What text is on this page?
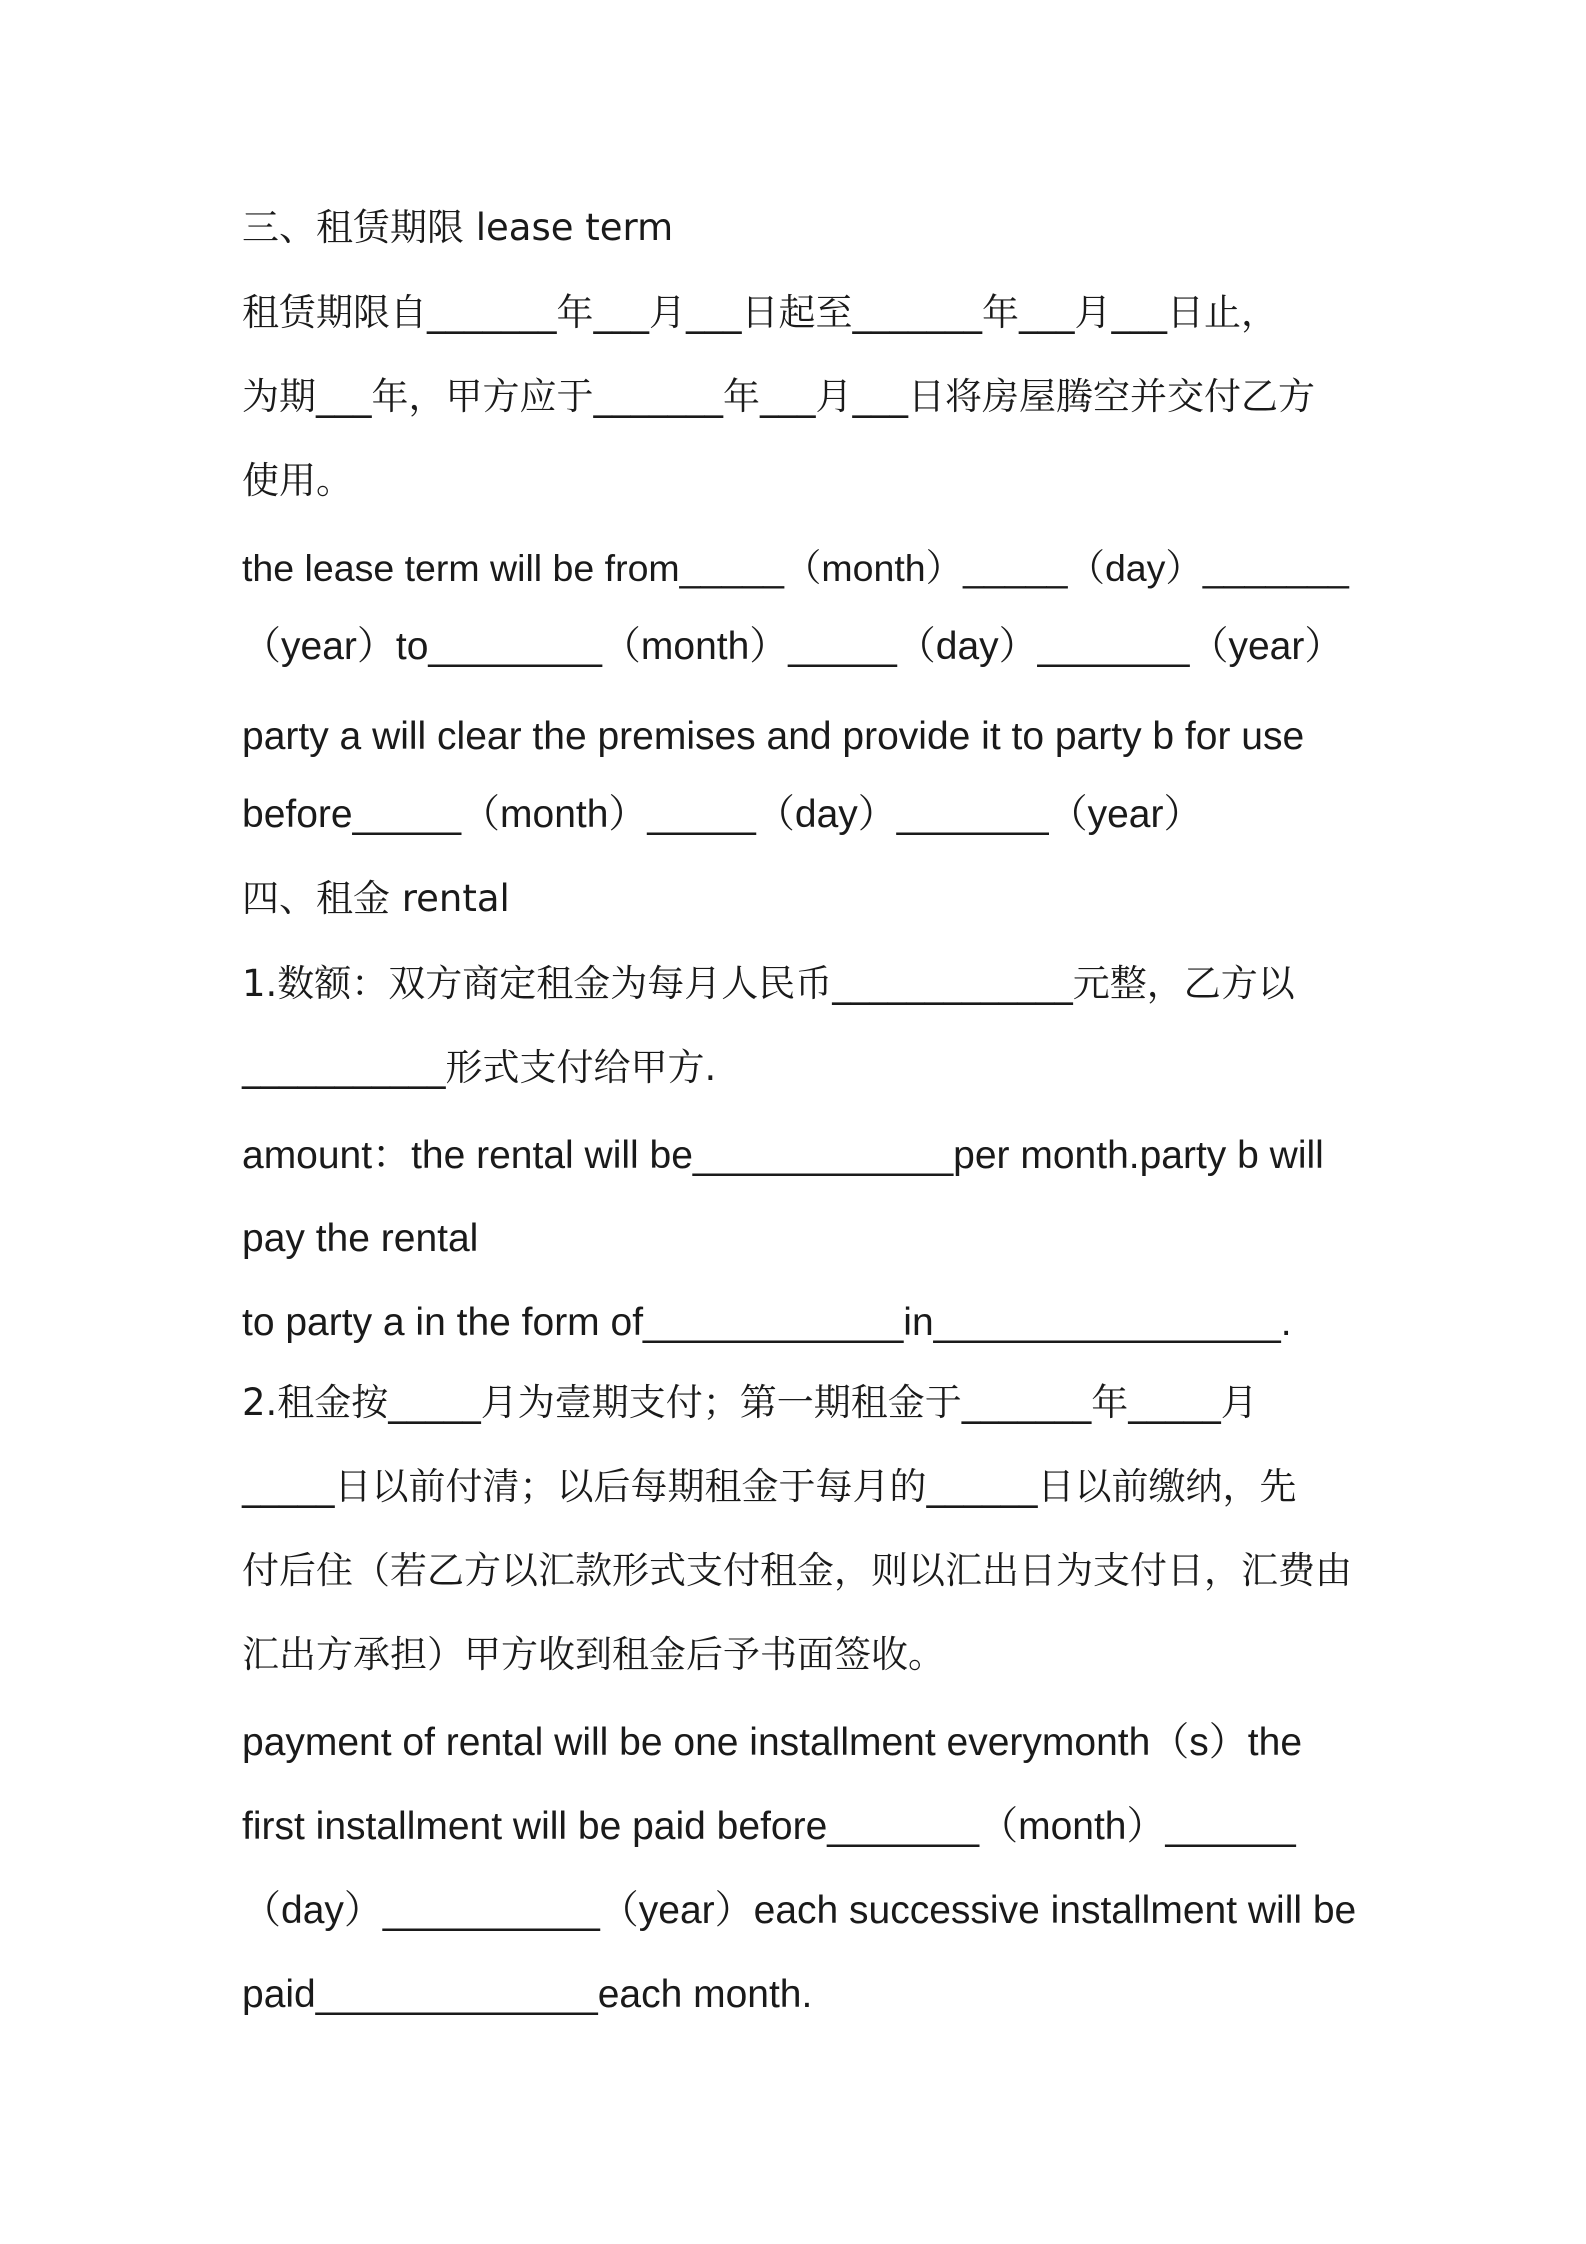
三、租赁期限 lease term
租赁期限自_______年___月___日起至_______年___月___日止，
为期___年，甲方应于_______年___月___日将房屋腾空并交付乙方
使用。
the lease term will be from_____（month）_____（day）_______
（year）to________（month）_____（day）_______（year）
party a will clear the premises and provide it to party b for use
before_____（month）_____（day）_______（year）
四、租金 rental
1.数额：双方商定租金为每月人民币_____________元整，乙方以
___________形式支付给甲方.
amount：the rental will be____________per month.party b will
pay the rental
to party a in the form of____________in________________.
2.租金按_____月为壹期支付；第一期租金于_______年_____月
_____日以前付清；以后每期租金于每月的______日以前缴纳，先
付后住（若乙方以汇款形式支付租金，则以汇出日为支付日，汇费由
汇出方承担）甲方收到租金后予书面签收。
payment of rental will be one installment everymonth（s）the
first installment will be paid before_______（month）______
（day）__________（year）each successive installment will be
paid_____________each month.
